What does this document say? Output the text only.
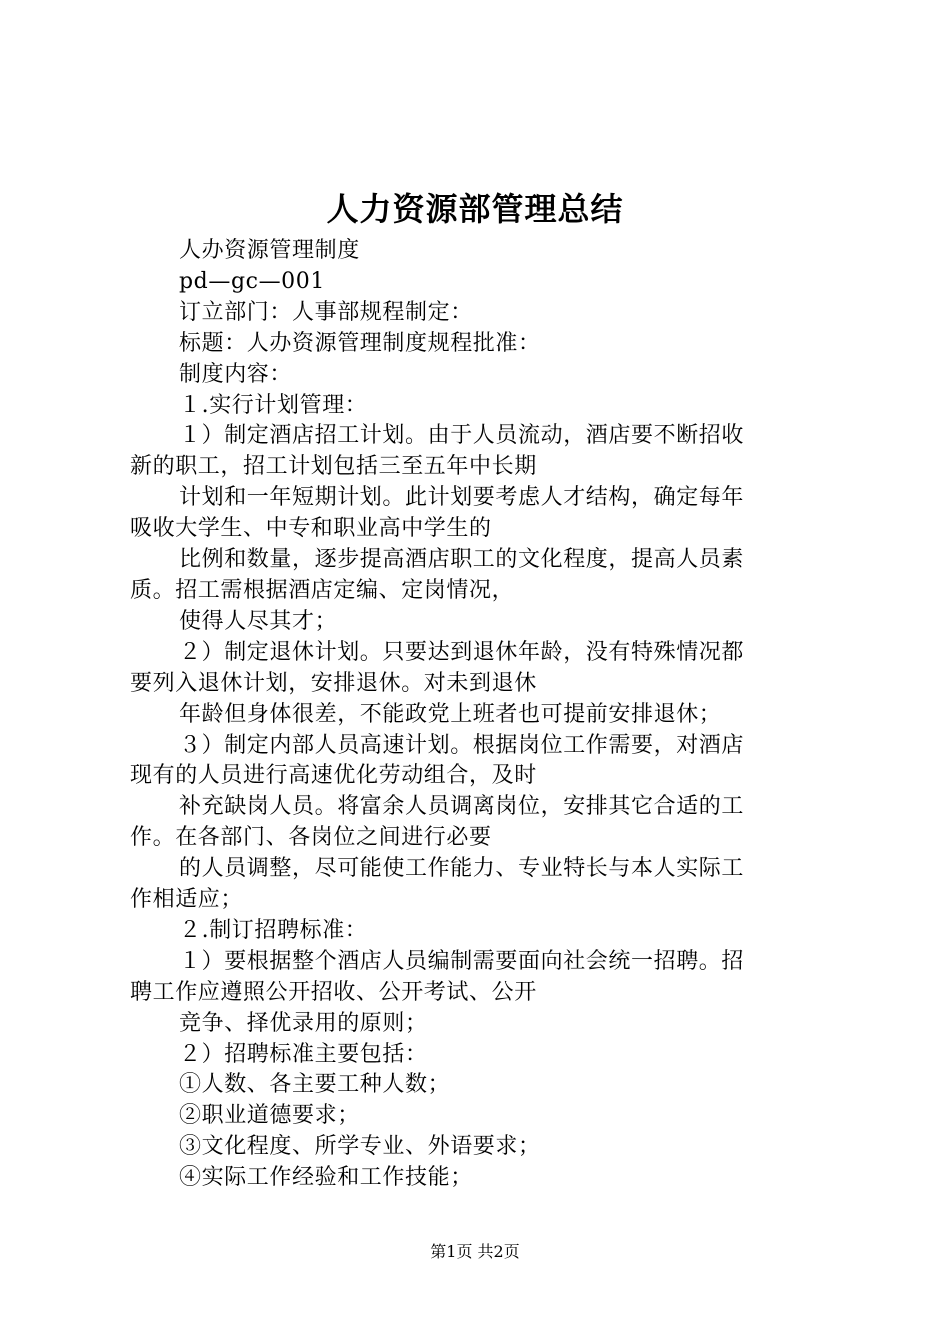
人力资源部管理总结
人办资源管理制度
pd—gc—001
订立部门：人事部规程制定：
标题：人办资源管理制度规程批准：
制度内容：
１.实行计划管理：
１）制定酒店招工计划。由于人员流动，酒店要不断招收
新的职工，招工计划包括三至五年中长期
计划和一年短期计划。此计划要考虑人才结构，确定每年
吸收大学生、中专和职业高中学生的
比例和数量，逐步提高酒店职工的文化程度，提高人员素
质。招工需根据酒店定编、定岗情况，
使得人尽其才；
２）制定退休计划。只要达到退休年龄，没有特殊情况都
要列入退休计划，安排退休。对未到退休
年龄但身体很差，不能政党上班者也可提前安排退休；
３）制定内部人员高速计划。根据岗位工作需要，对酒店
现有的人员进行高速优化劳动组合，及时
补充缺岗人员。将富余人员调离岗位，安排其它合适的工
作。在各部门、各岗位之间进行必要
的人员调整，尽可能使工作能力、专业特长与本人实际工
作相适应；
２.制订招聘标准：
１）要根据整个酒店人员编制需要面向社会统一招聘。招
聘工作应遵照公开招收、公开考试、公开
竞争、择优录用的原则；
２）招聘标准主要包括：
①人数、各主要工种人数；
②职业道德要求；
③文化程度、所学专业、外语要求；
④实际工作经验和工作技能；
第1页 共2页
